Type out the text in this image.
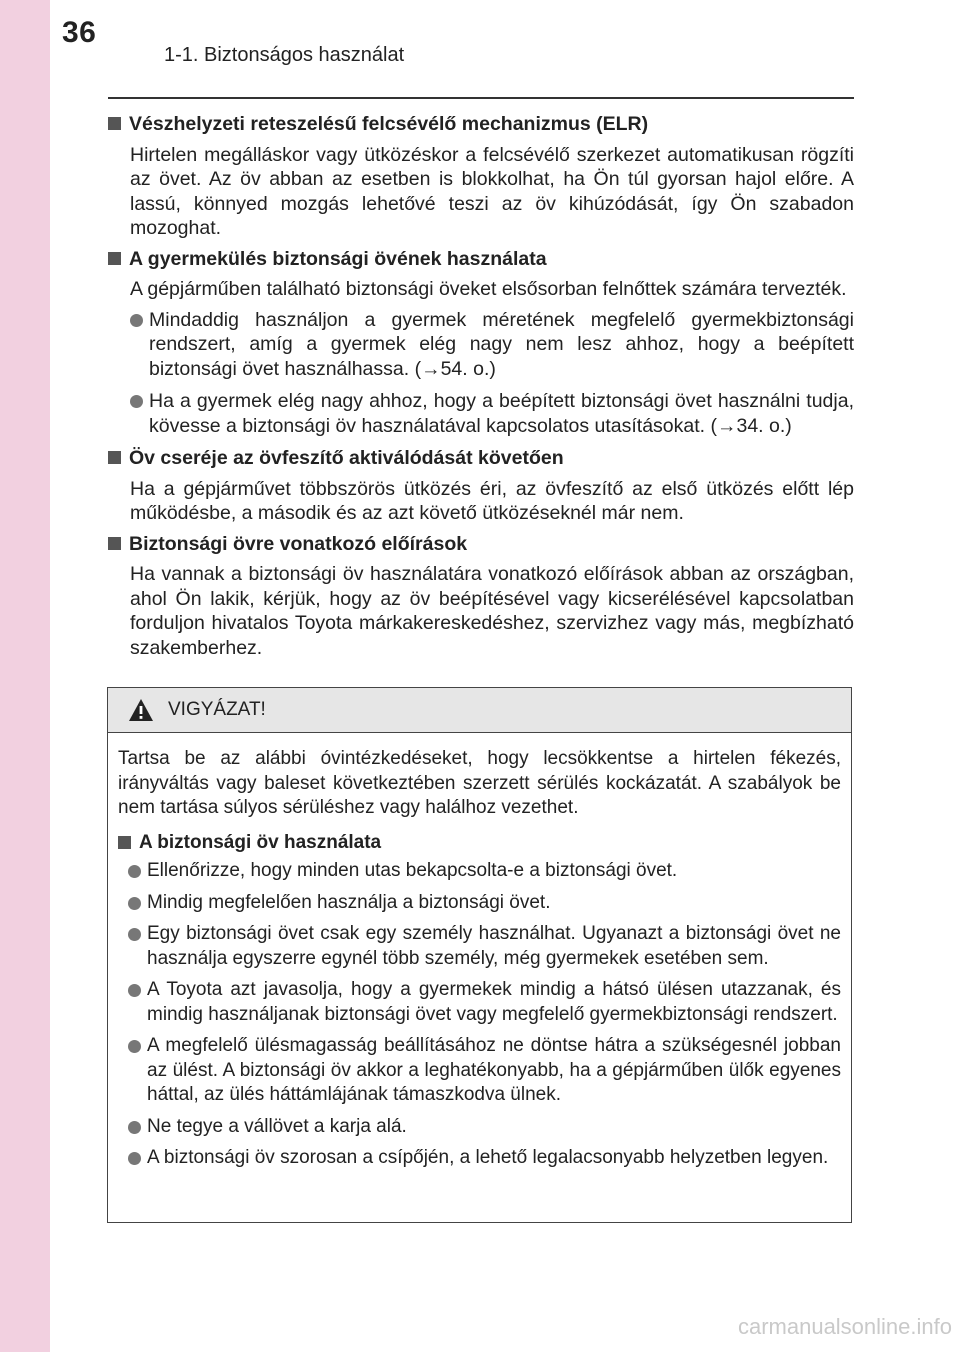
36
1-1. Biztonságos használat
Vészhelyzeti reteszelésű felcsévélő mechanizmus (ELR)

Hirtelen megálláskor vagy ütközéskor a felcsévélő szerkezet automatikusan rögzíti az övet. Az öv abban az esetben is blokkolhat, ha Ön túl gyorsan hajol előre. A lassú, könnyed mozgás lehetővé teszi az öv kihúzódását, így Ön szabadon mozoghat.

A gyermekülés biztonsági övének használata

A gépjárműben található biztonsági öveket elsősorban felnőttek számára tervezték.

Mindaddig használjon a gyermek méretének megfelelő gyermekbiztonsági rendszert, amíg a gyermek elég nagy nem lesz ahhoz, hogy a beépített biztonsági övet használhassa. (→54. o.)
Ha a gyermek elég nagy ahhoz, hogy a beépített biztonsági övet használni tudja, kövesse a biztonsági öv használatával kapcsolatos utasításokat. (→34. o.)
Öv cseréje az övfeszítő aktiválódását követően

Ha a gépjárművet többszörös ütközés éri, az övfeszítő az első ütközés előtt lép működésbe, a második és az azt követő ütközéseknél már nem.

Biztonsági övre vonatkozó előírások

Ha vannak a biztonsági öv használatára vonatkozó előírások abban az országban, ahol Ön lakik, kérjük, hogy az öv beépítésével vagy kicserélésével kapcsolatban forduljon hivatalos Toyota márkakereskedéshez, szervizhez vagy más, megbízható szakemberhez.

VIGYÁZAT!

Tartsa be az alábbi óvintézkedéseket, hogy lecsökkentse a hirtelen fékezés, irányváltás vagy baleset következtében szerzett sérülés kockázatát. A szabályok be nem tartása súlyos sérüléshez vagy halálhoz vezethet.

A biztonsági öv használata
Ellenőrizze, hogy minden utas bekapcsolta-e a biztonsági övet.
Mindig megfelelően használja a biztonsági övet.
Egy biztonsági övet csak egy személy használhat. Ugyanazt a biztonsági övet ne használja egyszerre egynél több személy, még gyermekek esetében sem.
A Toyota azt javasolja, hogy a gyermekek mindig a hátsó ülésen utazzanak, és mindig használjanak biztonsági övet vagy megfelelő gyermekbiztonsági rendszert.
A megfelelő ülésmagasság beállításához ne döntse hátra a szükségesnél jobban az ülést. A biztonsági öv akkor a leghatékonyabb, ha a gépjárműben ülők egyenes háttal, az ülés háttámlájának támaszkodva ülnek.
Ne tegye a vállövet a karja alá.
A biztonsági öv szorosan a csípőjén, a lehető legalacsonyabb helyzetben legyen.
carmanualsonline.info
